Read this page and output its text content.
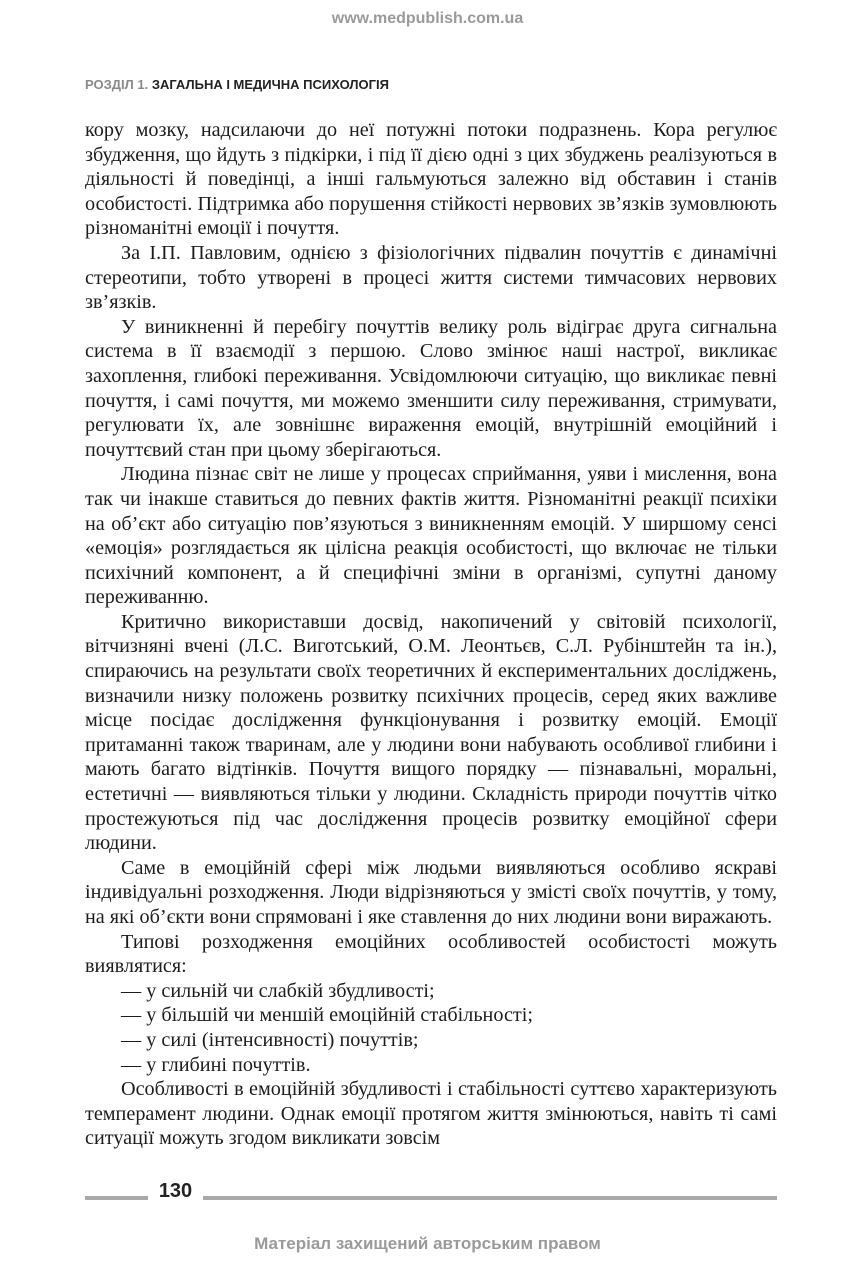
www.medpublish.com.ua
РОЗДІЛ 1. ЗАГАЛЬНА І МЕДИЧНА ПСИХОЛОГІЯ

кору мозку, надсилаючи до неї потужні потоки подразнень. Кора регулює збудження, що йдуть з підкірки, і під її дією одні з цих збуджень реалізуються в діяльності й поведінці, а інші гальмуються залежно від обставин і станів особистості. Підтримка або порушення стійкості нервових зв’язків зумовлюють різноманітні емоції і почуття.

За І.П. Павловим, однією з фізіологічних підвалин почуттів є динамічні стереотипи, тобто утворені в процесі життя системи тимчасових нервових зв’язків.

У виникненні й перебігу почуттів велику роль відіграє друга сигнальна система в її взаємодії з першою. Слово змінює наші настрої, викликає захоплення, глибокі переживання. Усвідомлюючи ситуацію, що викликає певні почуття, і самі почуття, ми можемо зменшити силу переживання, стримувати, регулювати їх, але зовнішнє вираження емоцій, внутрішній емоційний і почуттєвий стан при цьому зберігаються.

Людина пізнає світ не лише у процесах сприймання, уяви і мислення, вона так чи інакше ставиться до певних фактів життя. Різноманітні реакції психіки на об’єкт або ситуацію пов’язуються з виникненням емоцій. У ширшому сенсі «емоція» розглядається як цілісна реакція особистості, що включає не тільки психічний компонент, а й специфічні зміни в організмі, супутні даному переживанню.

Критично використавши досвід, накопичений у світовій психології, вітчизняні вчені (Л.С. Виготський, О.М. Леонтьєв, С.Л. Рубінштейн та ін.), спираючись на результати своїх теоретичних й експериментальних досліджень, визначили низку положень розвитку психічних процесів, серед яких важливе місце посідає дослідження функціонування і розвитку емоцій. Емоції притаманні також тваринам, але у людини вони набувають особливої глибини і мають багато відтінків. Почуття вищого порядку — пізнавальні, моральні, естетичні — виявляються тільки у людини. Складність природи почуттів чітко простежуються під час дослідження процесів розвитку емоційної сфери людини.

Саме в емоційній сфері між людьми виявляються особливо яскраві індивідуальні розходження. Люди відрізняються у змісті своїх почуттів, у тому, на які об’єкти вони спрямовані і яке ставлення до них людини вони виражають.

Типові розходження емоційних особливостей особистості можуть виявлятися:

— у сильній чи слабкій збудливості;
— у більшій чи меншій емоційній стабільності;
— у силі (інтенсивності) почуттів;
— у глибині почуттів.

Особливості в емоційній збудливості і стабільності суттєво характеризують темперамент людини. Однак емоції протягом життя змінюються, навіть ті самі ситуації можуть згодом викликати зовсім

130
Матеріал захищений авторським правом
